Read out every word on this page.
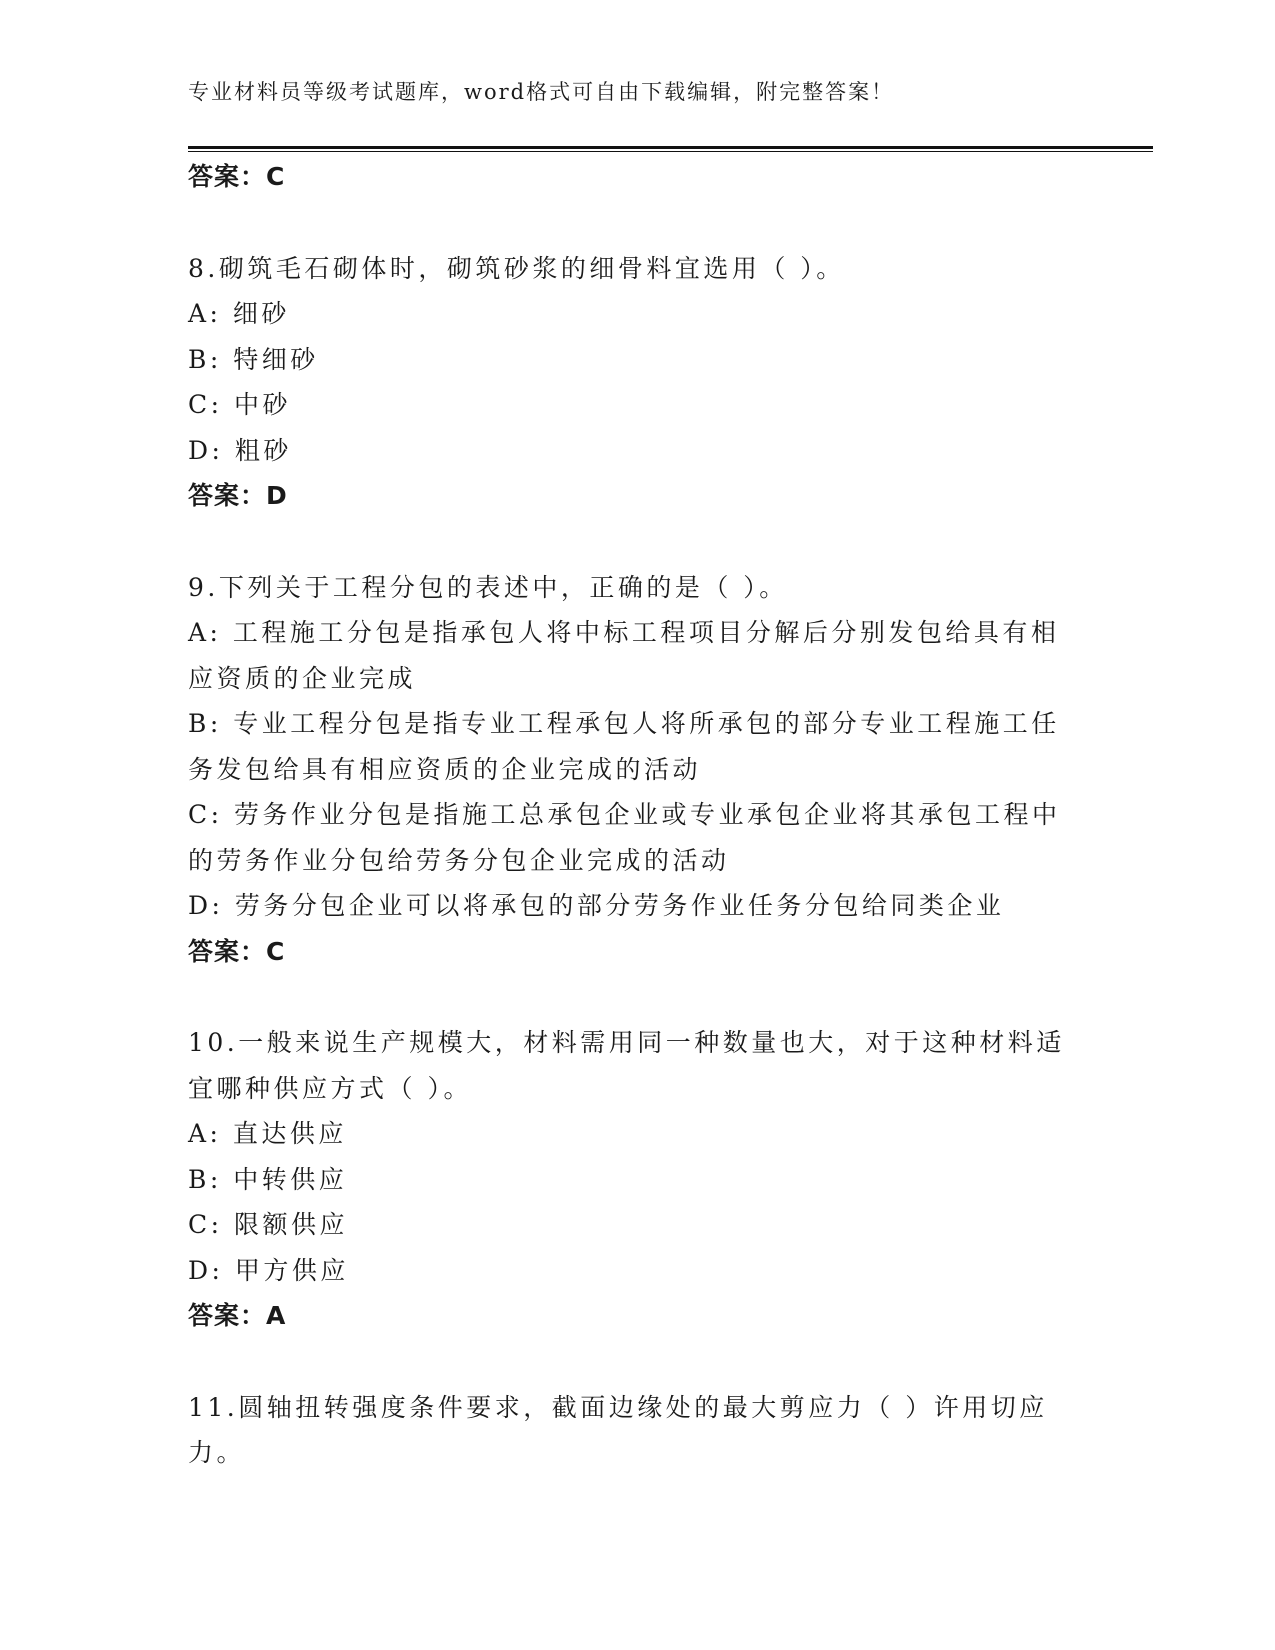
专业材料员等级考试题库，word格式可自由下载编辑，附完整答案！
答案：C
8.砌筑毛石砌体时，砌筑砂浆的细骨料宜选用（ ）。
A: 细砂
B: 特细砂
C: 中砂
D: 粗砂
答案：D
9.下列关于工程分包的表述中，正确的是（ ）。
A: 工程施工分包是指承包人将中标工程项目分解后分别发包给具有相
应资质的企业完成
B: 专业工程分包是指专业工程承包人将所承包的部分专业工程施工任
务发包给具有相应资质的企业完成的活动
C: 劳务作业分包是指施工总承包企业或专业承包企业将其承包工程中
的劳务作业分包给劳务分包企业完成的活动
D: 劳务分包企业可以将承包的部分劳务作业任务分包给同类企业
答案：C
10.一般来说生产规模大，材料需用同一种数量也大，对于这种材料适
宜哪种供应方式（ ）。
A: 直达供应
B: 中转供应
C: 限额供应
D: 甲方供应
答案：A
11.圆轴扭转强度条件要求，截面边缘处的最大剪应力（ ）许用切应
力。
